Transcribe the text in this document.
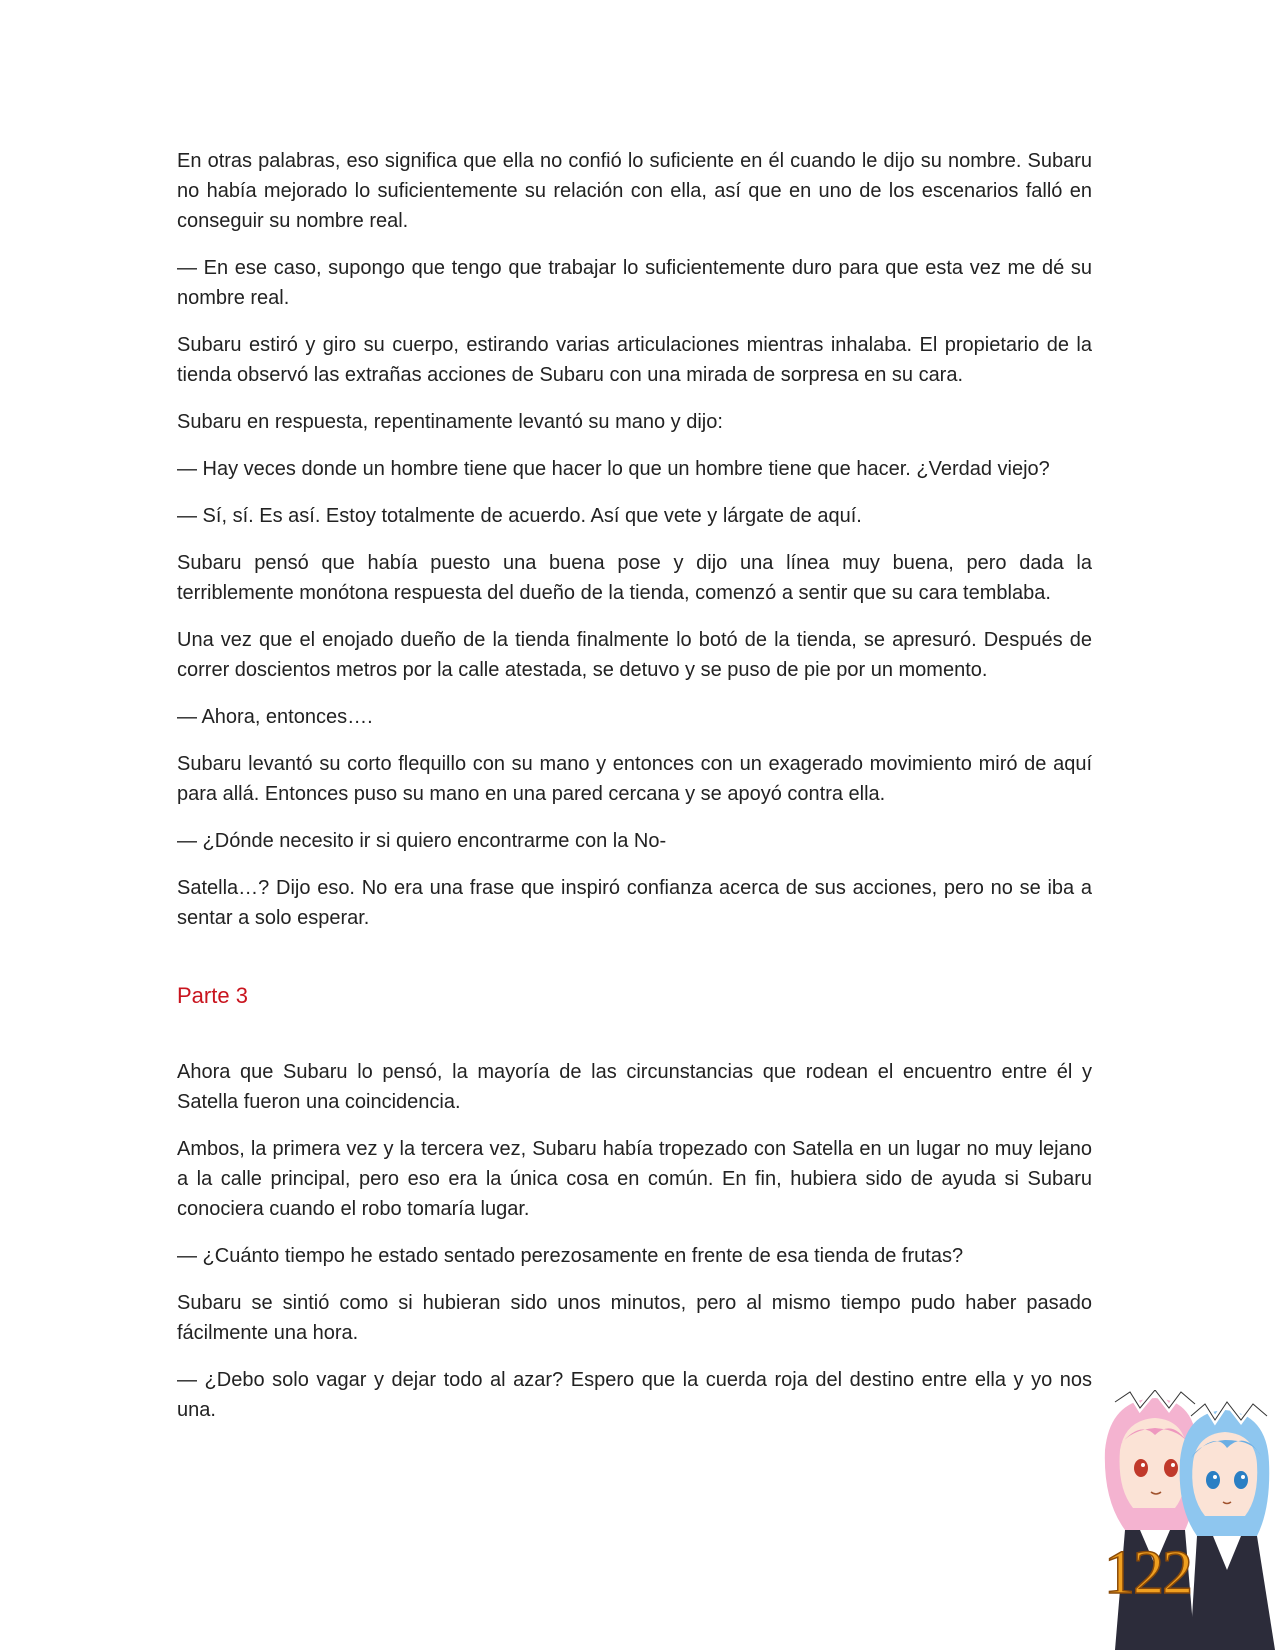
En otras palabras, eso significa que ella no confió lo suficiente en él cuando le dijo su nombre. Subaru no había mejorado lo suficientemente su relación con ella, así que en uno de los escenarios falló en conseguir su nombre real.

— En ese caso, supongo que tengo que trabajar lo suficientemente duro para que esta vez me dé su nombre real.

Subaru estiró y giro su cuerpo, estirando varias articulaciones mientras inhalaba. El propietario de la tienda observó las extrañas acciones de Subaru con una mirada de sorpresa en su cara.

Subaru en respuesta, repentinamente levantó su mano y dijo:

— Hay veces donde un hombre tiene que hacer lo que un hombre tiene que hacer. ¿Verdad viejo?

— Sí, sí. Es así. Estoy totalmente de acuerdo. Así que vete y lárgate de aquí.

Subaru pensó que había puesto una buena pose y dijo una línea muy buena, pero dada la terriblemente monótona respuesta del dueño de la tienda, comenzó a sentir que su cara temblaba.

Una vez que el enojado dueño de la tienda finalmente lo botó de la tienda, se apresuró. Después de correr doscientos metros por la calle atestada, se detuvo y se puso de pie por un momento.

— Ahora, entonces….

Subaru levantó su corto flequillo con su mano y entonces con un exagerado movimiento miró de aquí para allá. Entonces puso su mano en una pared cercana y se apoyó contra ella.

— ¿Dónde necesito ir si quiero encontrarme con la No-

Satella…? Dijo eso. No era una frase que inspiró confianza acerca de sus acciones, pero no se iba a sentar a solo esperar.

Parte 3

Ahora que Subaru lo pensó, la mayoría de las circunstancias que rodean el encuentro entre él y Satella fueron una coincidencia.

Ambos, la primera vez y la tercera vez, Subaru había tropezado con Satella en un lugar no muy lejano a la calle principal, pero eso era la única cosa en común. En fin, hubiera sido de ayuda si Subaru conociera cuando el robo tomaría lugar.

— ¿Cuánto tiempo he estado sentado perezosamente en frente de esa tienda de frutas?

Subaru se sintió como si hubieran sido unos minutos, pero al mismo tiempo pudo haber pasado fácilmente una hora.

— ¿Debo solo vagar y dejar todo al azar? Espero que la cuerda roja del destino entre ella y yo nos una.

122
